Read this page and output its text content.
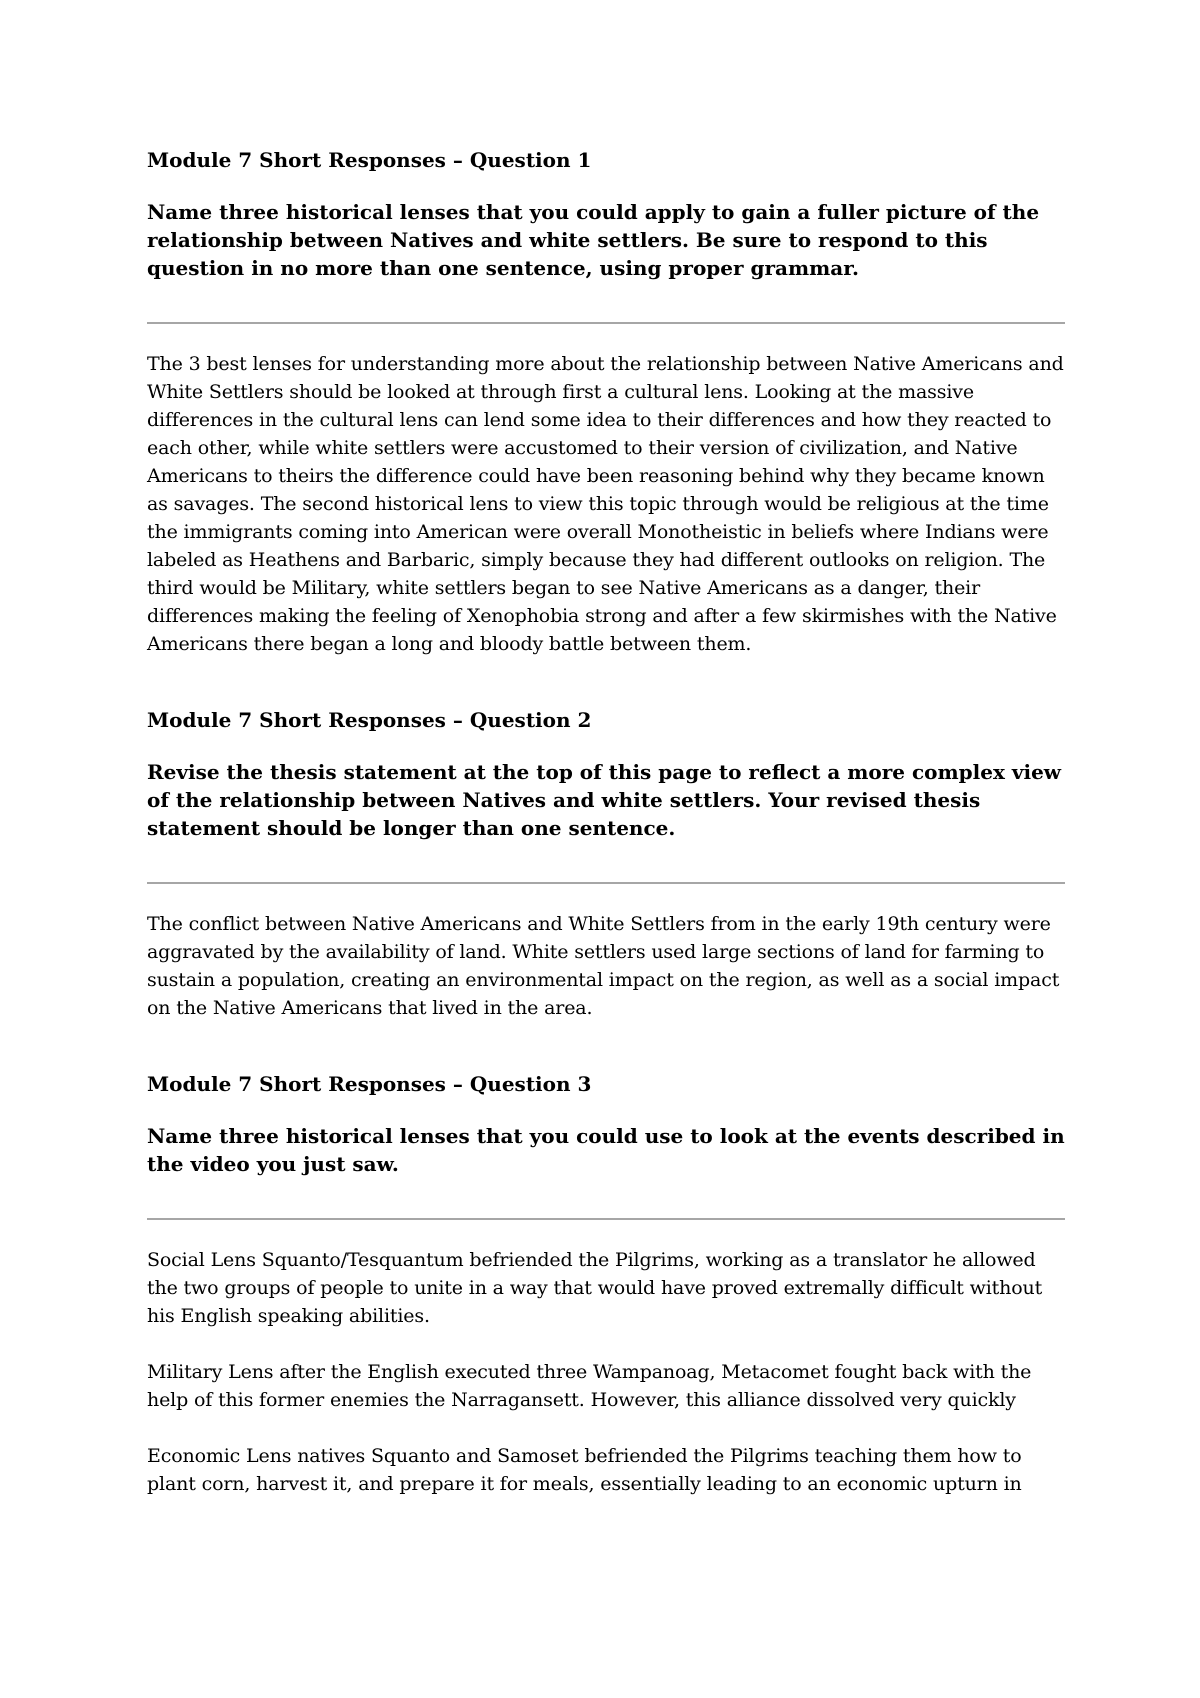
Module 7 Short Responses – Question 1

Name three historical lenses that you could apply to gain a fuller picture of the relationship between Natives and white settlers. Be sure to respond to this question in no more than one sentence, using proper grammar.

The 3 best lenses for understanding more about the relationship between Native Americans and White Settlers should be looked at through first a cultural lens. Looking at the massive differences in the cultural lens can lend some idea to their differences and how they reacted to each other, while white settlers were accustomed to their version of civilization, and Native Americans to theirs the difference could have been reasoning behind why they became known as savages. The second historical lens to view this topic through would be religious at the time the immigrants coming into American were overall Monotheistic in beliefs where Indians were labeled as Heathens and Barbaric, simply because they had different outlooks on religion. The third would be Military, white settlers began to see Native Americans as a danger, their differences making the feeling of Xenophobia strong and after a few skirmishes with the Native Americans there began a long and bloody battle between them.

Module 7 Short Responses – Question 2

Revise the thesis statement at the top of this page to reflect a more complex view of the relationship between Natives and white settlers. Your revised thesis statement should be longer than one sentence.

The conflict between Native Americans and White Settlers from in the early 19th century were aggravated by the availability of land. White settlers used large sections of land for farming to sustain a population, creating an environmental impact on the region, as well as a social impact on the Native Americans that lived in the area.

Module 7 Short Responses – Question 3

Name three historical lenses that you could use to look at the events described in the video you just saw.

Social Lens Squanto/Tesquantum befriended the Pilgrims, working as a translator he allowed the two groups of people to unite in a way that would have proved extremally difficult without his English speaking abilities.

Military Lens after the English executed three Wampanoag, Metacomet fought back with the help of this former enemies the Narragansett. However, this alliance dissolved very quickly

Economic Lens natives Squanto and Samoset befriended the Pilgrims teaching them how to plant corn, harvest it, and prepare it for meals, essentially leading to an economic upturn in
